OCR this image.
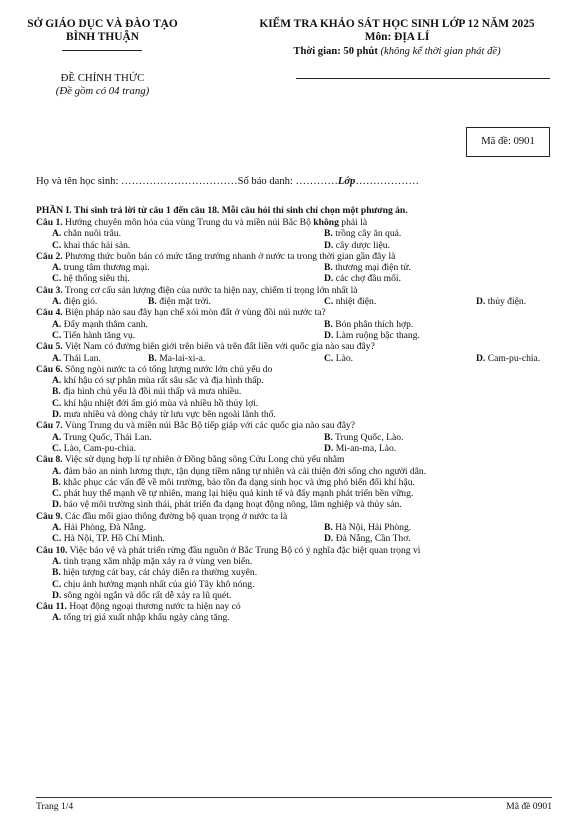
SỞ GIÁO DỤC VÀ ĐÀO TẠO
BÌNH THUẬN
KIỂM TRA KHẢO SÁT HỌC SINH LỚP 12 NĂM 2025
Môn: ĐỊA LÍ
Thời gian: 50 phút (không kể thời gian phát đề)
ĐỀ CHÍNH THỨC
(Đề gồm có 04 trang)
Mã đề: 0901
Họ và tên học sinh: ……………………………Số báo danh: …………Lớp………………
PHẦN I. Thí sinh trả lời từ câu 1 đến câu 18. Mỗi câu hỏi thí sinh chỉ chọn một phương án.
Câu 1. Hướng chuyên môn hóa của vùng Trung du và miền núi Bắc Bộ không phải là
A. chăn nuôi trâu.	B. trồng cây ăn quả.
C. khai thác hải sản.	D. cây dược liệu.
Câu 2. Phương thức buôn bán có mức tăng trưởng nhanh ở nước ta trong thời gian gần đây là
A. trung tâm thương mại.	B. thương mại điện tử.
C. hệ thống siêu thị.	D. các chợ đầu mối.
Câu 3. Trong cơ cấu sản lượng điện của nước ta hiện nay, chiếm tỉ trọng lớn nhất là
A. điện gió.	B. điện mặt trời.	C. nhiệt điện.	D. thủy điện.
Câu 4. Biện pháp nào sau đây hạn chế xói mòn đất ở vùng đồi núi nước ta?
A. Đẩy mạnh thâm canh.	B. Bón phân thích hợp.
C. Tiến hành tăng vụ.	D. Làm ruộng bậc thang.
Câu 5. Việt Nam có đường biên giới trên biển và trên đất liền với quốc gia nào sau đây?
A. Thái Lan.	B. Ma-lai-xi-a.	C. Lào.	D. Cam-pu-chia.
Câu 6. Sông ngòi nước ta có tổng lượng nước lớn chủ yếu do
A. khí hậu có sự phân mùa rất sâu sắc và địa hình thấp.
B. địa hình chủ yếu là đồi núi thấp và mưa nhiều.
C. khí hậu nhiệt đới ẩm gió mùa và nhiều hồ thủy lợi.
D. mưa nhiều và dòng chảy từ lưu vực bên ngoài lãnh thổ.
Câu 7. Vùng Trung du và miền núi Bắc Bộ tiếp giáp với các quốc gia nào sau đây?
A. Trung Quốc, Thái Lan.	B. Trung Quốc, Lào.
C. Lào, Cam-pu-chia.	D. Mi-an-ma, Lào.
Câu 8. Việc sử dụng hợp lí tự nhiên ở Đồng bằng sông Cửu Long chủ yếu nhằm
A. đảm bảo an ninh lương thực, tận dụng tiềm năng tự nhiên và cải thiện đời sống cho người dân.
B. khắc phục các vấn đề về môi trường, bảo tồn đa dạng sinh học và ứng phó biến đổi khí hậu.
C. phát huy thế mạnh về tự nhiên, mang lại hiệu quả kinh tế và đẩy mạnh phát triển bền vững.
D. bảo vệ môi trường sinh thái, phát triển đa dạng hoạt động nông, lâm nghiệp và thủy sản.
Câu 9. Các đầu mối giao thông đường bộ quan trọng ở nước ta là
A. Hải Phòng, Đà Nẵng.	B. Hà Nội, Hải Phòng.
C. Hà Nội, TP. Hồ Chí Minh.	D. Đà Nẵng, Cần Thơ.
Câu 10. Việc bảo vệ và phát triển rừng đầu nguồn ở Bắc Trung Bộ có ý nghĩa đặc biệt quan trọng vì
A. tình trạng xâm nhập mặn xảy ra ở vùng ven biển.
B. hiện tượng cát bay, cát chảy diễn ra thường xuyên.
C. chịu ảnh hưởng mạnh nhất của gió Tây khô nóng.
D. sông ngòi ngắn và dốc rất dễ xảy ra lũ quét.
Câu 11. Hoạt động ngoại thương nước ta hiện nay có
A. tổng trị giá xuất nhập khẩu ngày càng tăng.
Trang 1/4	Mã đề 0901
